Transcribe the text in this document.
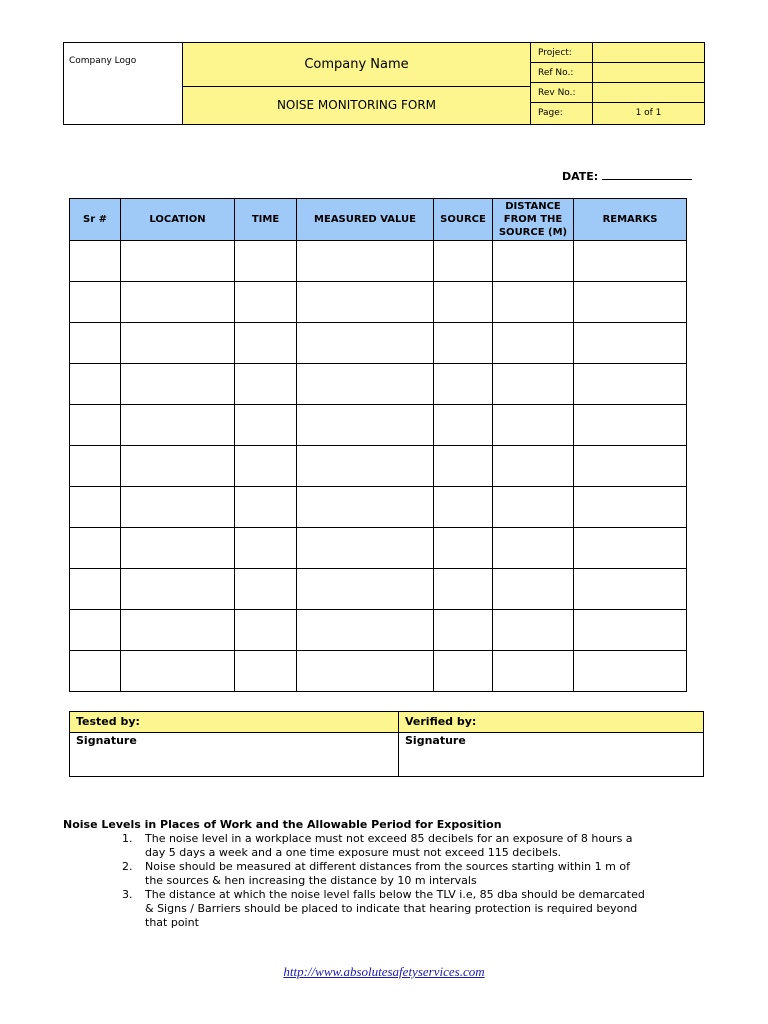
Company Logo	Company Name
NOISE MONITORING FORM
Project:
Ref No.:
Rev No.:
Page:	1 of 1
DATE:
Sr #	LOCATION	TIME	MEASURED VALUE	SOURCE	DISTANCE FROM THE SOURCE (M)	REMARKS

Tested by:	Verified by:
Signature	Signature
Noise Levels in Places of Work and the Allowable Period for Exposition
1. The noise level in a workplace must not exceed 85 decibels for an exposure of 8 hours a day 5 days a week and a one time exposure must not exceed 115 decibels.
2. Noise should be measured at different distances from the sources starting within 1 m of the sources & hen increasing the distance by 10 m intervals
3. The distance at which the noise level falls below the TLV i.e, 85 dba should be demarcated & Signs / Barriers should be placed to indicate that hearing protection is required beyond that point
http://www.absolutesafetyservices.com
